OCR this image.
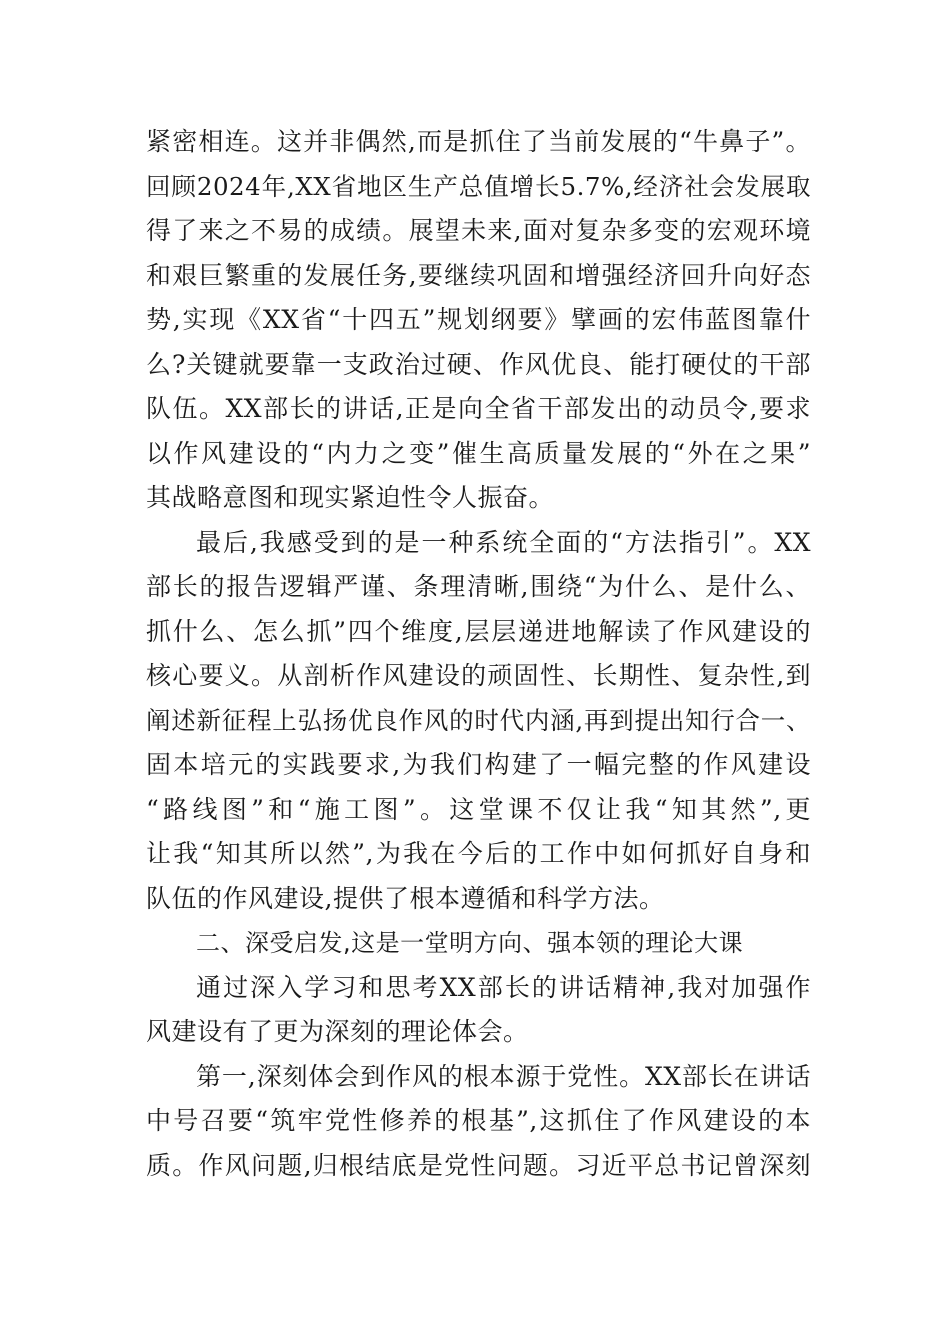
紧密相连。这并非偶然,而是抓住了当前发展的“牛鼻子”。
回顾2024年,XX省地区生产总值增长5.7%,经济社会发展取
得了来之不易的成绩。展望未来,面对复杂多变的宏观环境
和艰巨繁重的发展任务,要继续巩固和增强经济回升向好态
势,实现《XX省“十四五”规划纲要》擘画的宏伟蓝图靠什
么?关键就要靠一支政治过硬、作风优良、能打硬仗的干部
队伍。XX部长的讲话,正是向全省干部发出的动员令,要求
以作风建设的“内力之变”催生高质量发展的“外在之果”
其战略意图和现实紧迫性令人振奋。
最后,我感受到的是一种系统全面的“方法指引”。XX
部长的报告逻辑严谨、条理清晰,围绕“为什么、是什么、
抓什么、怎么抓”四个维度,层层递进地解读了作风建设的
核心要义。从剖析作风建设的顽固性、长期性、复杂性,到
阐述新征程上弘扬优良作风的时代内涵,再到提出知行合一、
固本培元的实践要求,为我们构建了一幅完整的作风建设
“路线图”和“施工图”。这堂课不仅让我“知其然”,更
让我“知其所以然”,为我在今后的工作中如何抓好自身和
队伍的作风建设,提供了根本遵循和科学方法。
二、深受启发,这是一堂明方向、强本领的理论大课
通过深入学习和思考XX部长的讲话精神,我对加强作
风建设有了更为深刻的理论体会。
第一,深刻体会到作风的根本源于党性。XX部长在讲话
中号召要“筑牢党性修养的根基”,这抓住了作风建设的本
质。作风问题,归根结底是党性问题。习近平总书记曾深刻
